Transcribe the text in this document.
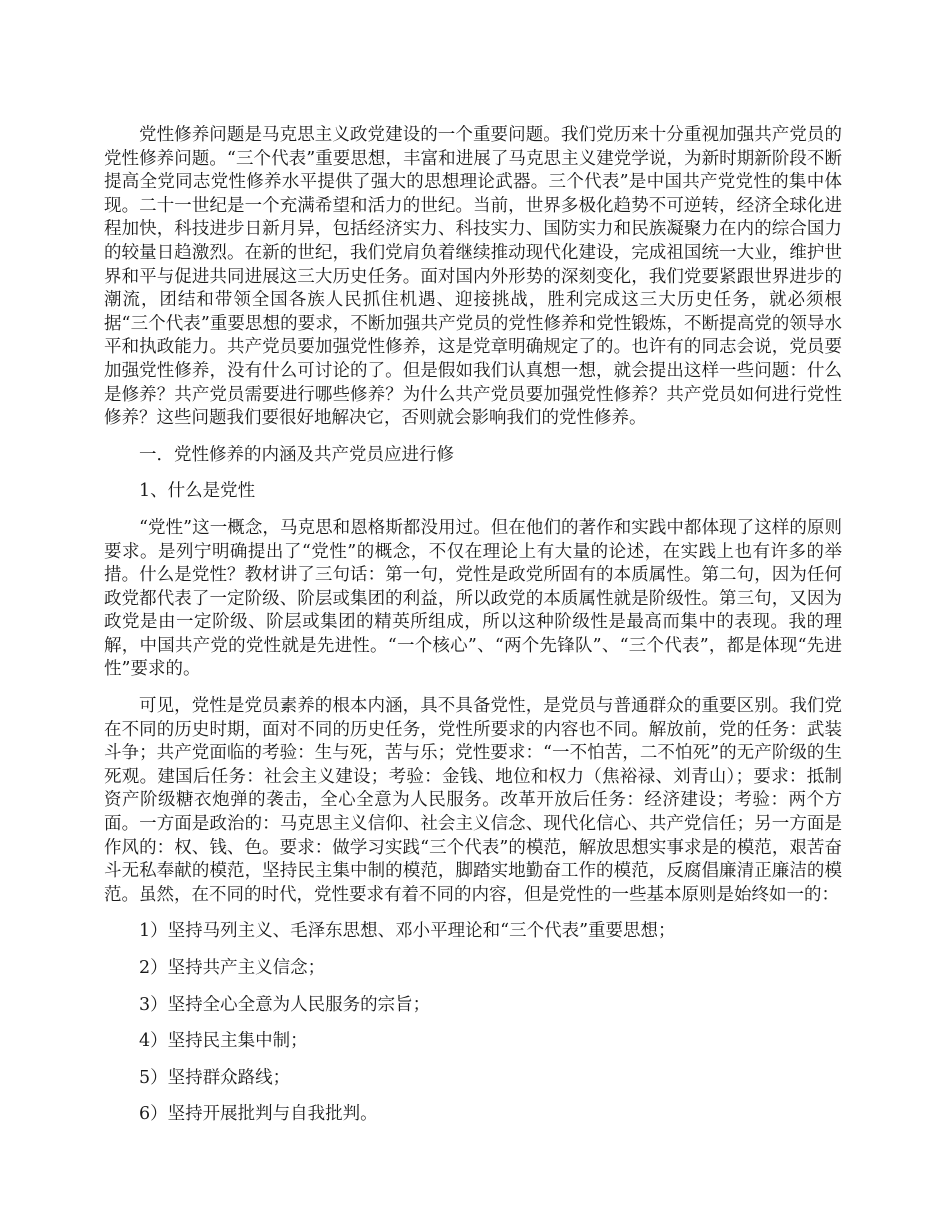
党性修养问题是马克思主义政党建设的一个重要问题。我们党历来十分重视加强共产党员的党性修养问题。“三个代表”重要思想，丰富和进展了马克思主义建党学说，为新时期新阶段不断提高全党同志党性修养水平提供了强大的思想理论武器。三个代表”是中国共产党党性的集中体现。二十一世纪是一个充满希望和活力的世纪。当前，世界多极化趋势不可逆转，经济全球化进程加快，科技进步日新月异，包括经济实力、科技实力、国防实力和民族凝聚力在内的综合国力的较量日趋激烈。在新的世纪，我们党肩负着继续推动现代化建设，完成祖国统一大业，维护世界和平与促进共同进展这三大历史任务。面对国内外形势的深刻变化，我们党要紧跟世界进步的潮流，团结和带领全国各族人民抓住机遇、迎接挑战，胜利完成这三大历史任务，就必须根据“三个代表”重要思想的要求，不断加强共产党员的党性修养和党性锻炼，不断提高党的领导水平和执政能力。共产党员要加强党性修养，这是党章明确规定了的。也许有的同志会说，党员要加强党性修养，没有什么可讨论的了。但是假如我们认真想一想，就会提出这样一些问题：什么是修养？共产党员需要进行哪些修养？为什么共产党员要加强党性修养？共产党员如何进行党性修养？这些问题我们要很好地解决它，否则就会影响我们的党性修养。

一．党性修养的内涵及共产党员应进行修

1、什么是党性

“党性”这一概念，马克思和恩格斯都没用过。但在他们的著作和实践中都体现了这样的原则要求。是列宁明确提出了“党性”的概念，不仅在理论上有大量的论述，在实践上也有许多的举措。什么是党性？教材讲了三句话：第一句，党性是政党所固有的本质属性。第二句，因为任何政党都代表了一定阶级、阶层或集团的利益，所以政党的本质属性就是阶级性。第三句，又因为政党是由一定阶级、阶层或集团的精英所组成，所以这种阶级性是最高而集中的表现。我的理解，中国共产党的党性就是先进性。“一个核心”、“两个先锋队”、“三个代表”，都是体现“先进性”要求的。

可见，党性是党员素养的根本内涵，具不具备党性，是党员与普通群众的重要区别。我们党在不同的历史时期，面对不同的历史任务，党性所要求的内容也不同。解放前，党的任务：武装斗争；共产党面临的考验：生与死，苦与乐；党性要求：“一不怕苦，二不怕死”的无产阶级的生死观。建国后任务：社会主义建设；考验：金钱、地位和权力（焦裕禄、刘青山）；要求：抵制资产阶级糖衣炮弹的袭击，全心全意为人民服务。改革开放后任务：经济建设；考验：两个方面。一方面是政治的：马克思主义信仰、社会主义信念、现代化信心、共产党信任；另一方面是作风的：权、钱、色。要求：做学习实践“三个代表”的模范，解放思想实事求是的模范，艰苦奋斗无私奉献的模范，坚持民主集中制的模范，脚踏实地勤奋工作的模范，反腐倡廉清正廉洁的模范。虽然，在不同的时代，党性要求有着不同的内容，但是党性的一些基本原则是始终如一的：

1）坚持马列主义、毛泽东思想、邓小平理论和“三个代表”重要思想；
2）坚持共产主义信念；
3）坚持全心全意为人民服务的宗旨；
4）坚持民主集中制；
5）坚持群众路线；
6）坚持开展批判与自我批判。
